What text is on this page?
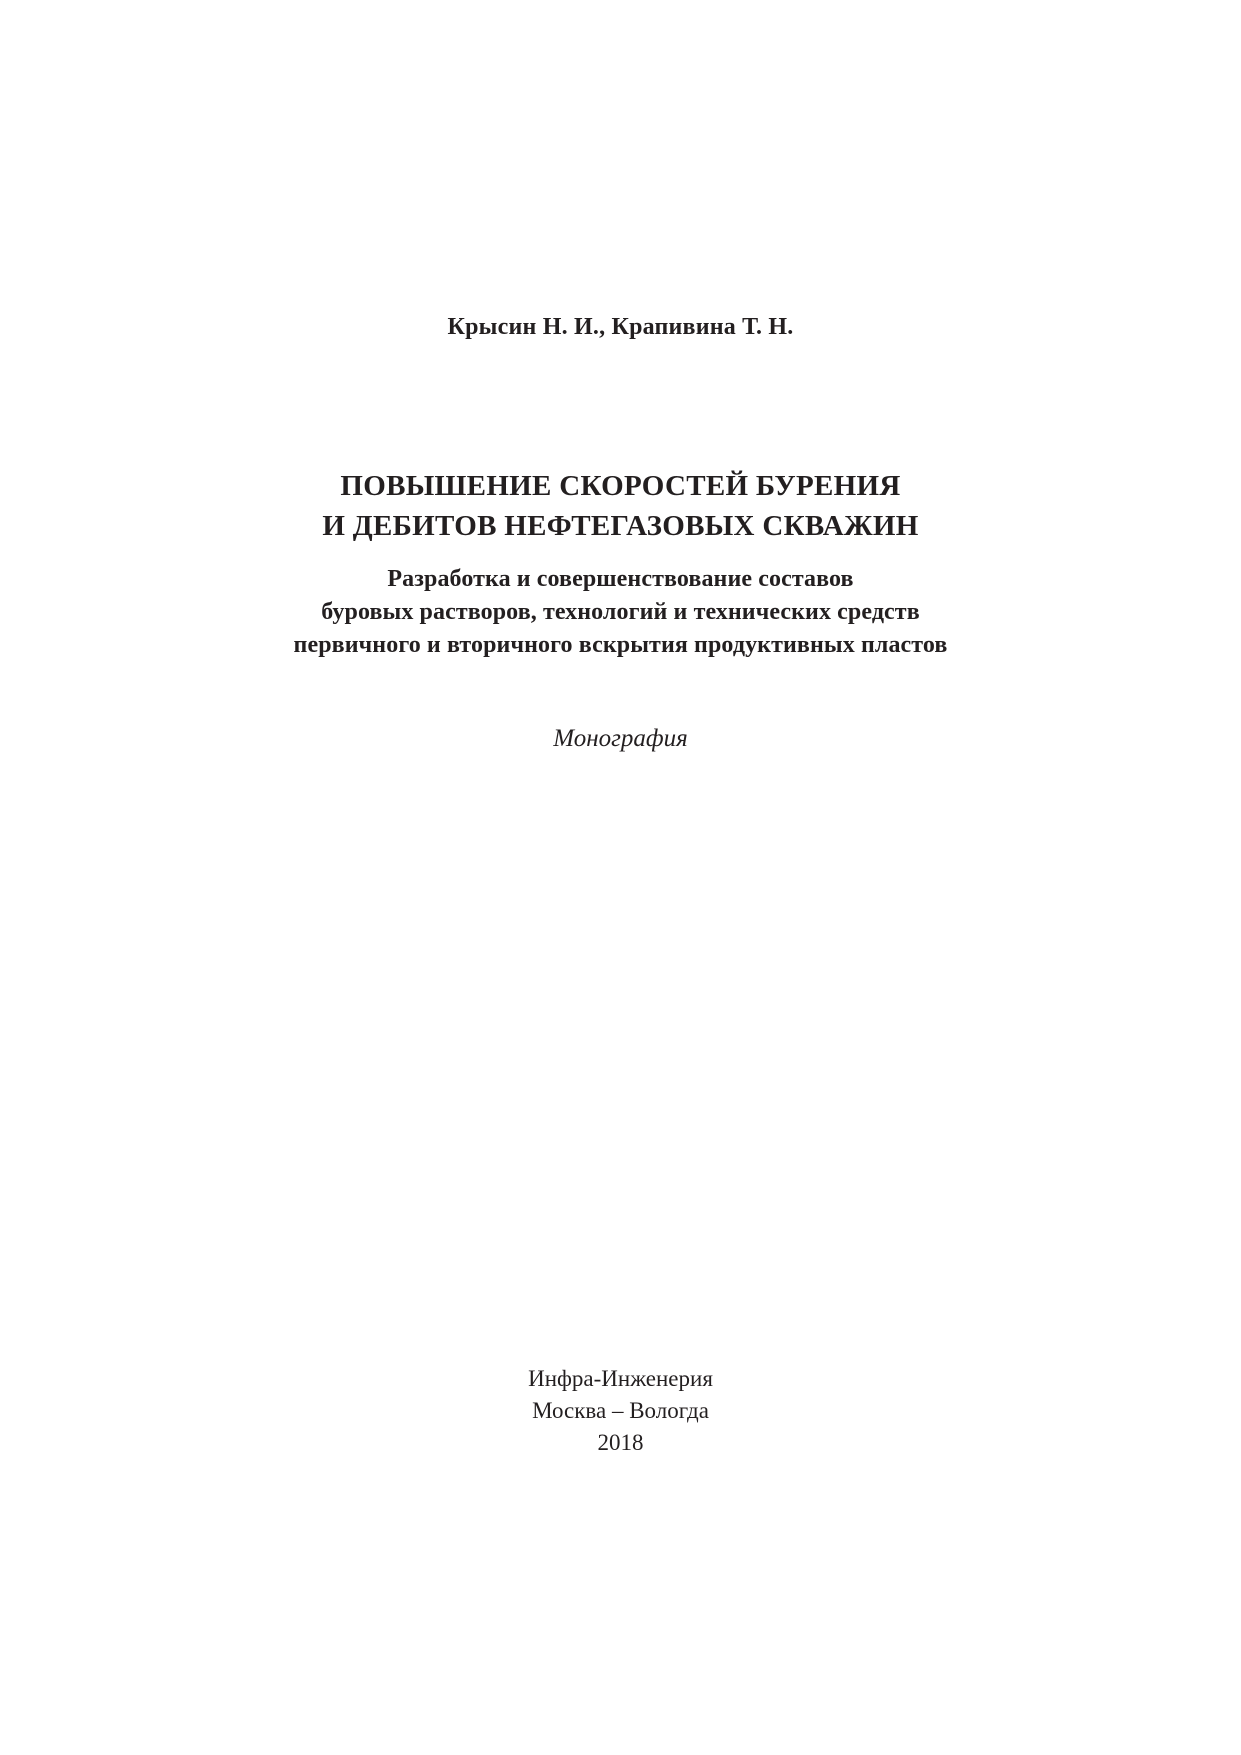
Крысин Н. И., Крапивина Т. Н.
ПОВЫШЕНИЕ СКОРОСТЕЙ БУРЕНИЯ
И ДЕБИТОВ НЕФТЕГАЗОВЫХ СКВАЖИН
Разработка и совершенствование составов
буровых растворов, технологий и технических средств
первичного и вторичного вскрытия продуктивных пластов
Монография
Инфра-Инженерия
Москва – Вологда
2018
